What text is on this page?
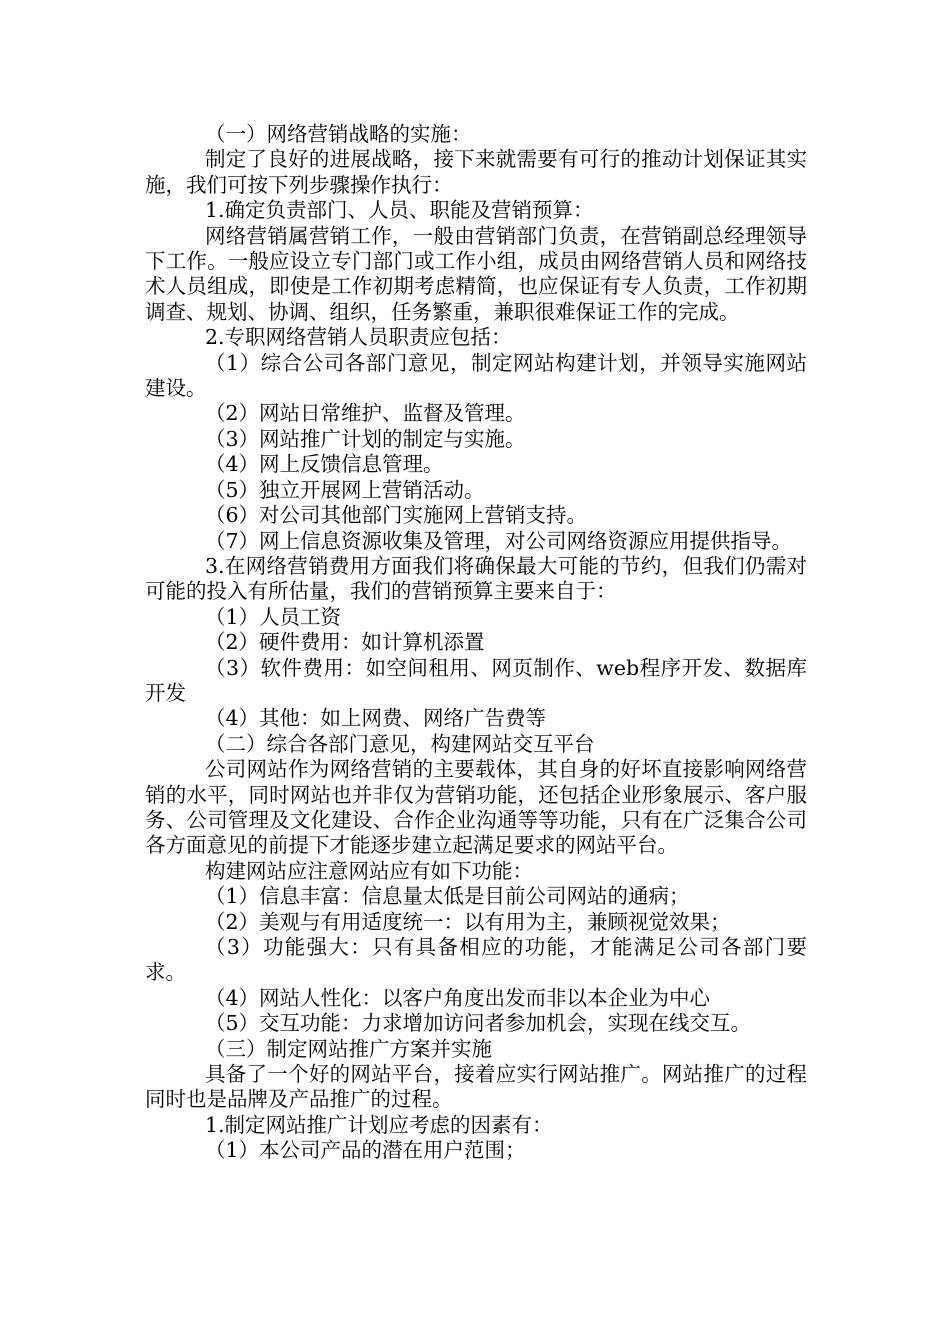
（一）网络营销战略的实施：

制定了良好的进展战略，接下来就需要有可行的推动计划保证其实施，我们可按下列步骤操作执行：

1.确定负责部门、人员、职能及营销预算：

网络营销属营销工作，一般由营销部门负责，在营销副总经理领导下工作。一般应设立专门部门或工作小组，成员由网络营销人员和网络技术人员组成，即使是工作初期考虑精简，也应保证有专人负责，工作初期调查、规划、协调、组织，任务繁重，兼职很难保证工作的完成。

2.专职网络营销人员职责应包括：

（1）综合公司各部门意见，制定网站构建计划，并领导实施网站建设。

（2）网站日常维护、监督及管理。

（3）网站推广计划的制定与实施。

（4）网上反馈信息管理。

（5）独立开展网上营销活动。

（6）对公司其他部门实施网上营销支持。

（7）网上信息资源收集及管理，对公司网络资源应用提供指导。

3.在网络营销费用方面我们将确保最大可能的节约，但我们仍需对可能的投入有所估量，我们的营销预算主要来自于：

（1）人员工资

（2）硬件费用：如计算机添置

（3）软件费用：如空间租用、网页制作、web程序开发、数据库开发

（4）其他：如上网费、网络广告费等

（二）综合各部门意见，构建网站交互平台

公司网站作为网络营销的主要载体，其自身的好坏直接影响网络营销的水平，同时网站也并非仅为营销功能，还包括企业形象展示、客户服务、公司管理及文化建设、合作企业沟通等等功能，只有在广泛集合公司各方面意见的前提下才能逐步建立起满足要求的网站平台。

构建网站应注意网站应有如下功能：

（1）信息丰富：信息量太低是目前公司网站的通病；

（2）美观与有用适度统一：以有用为主，兼顾视觉效果；

（3）功能强大：只有具备相应的功能，才能满足公司各部门要求。

（4）网站人性化：以客户角度出发而非以本企业为中心

（5）交互功能：力求增加访问者参加机会，实现在线交互。

（三）制定网站推广方案并实施

具备了一个好的网站平台，接着应实行网站推广。网站推广的过程同时也是品牌及产品推广的过程。

1.制定网站推广计划应考虑的因素有：

（1）本公司产品的潜在用户范围；
